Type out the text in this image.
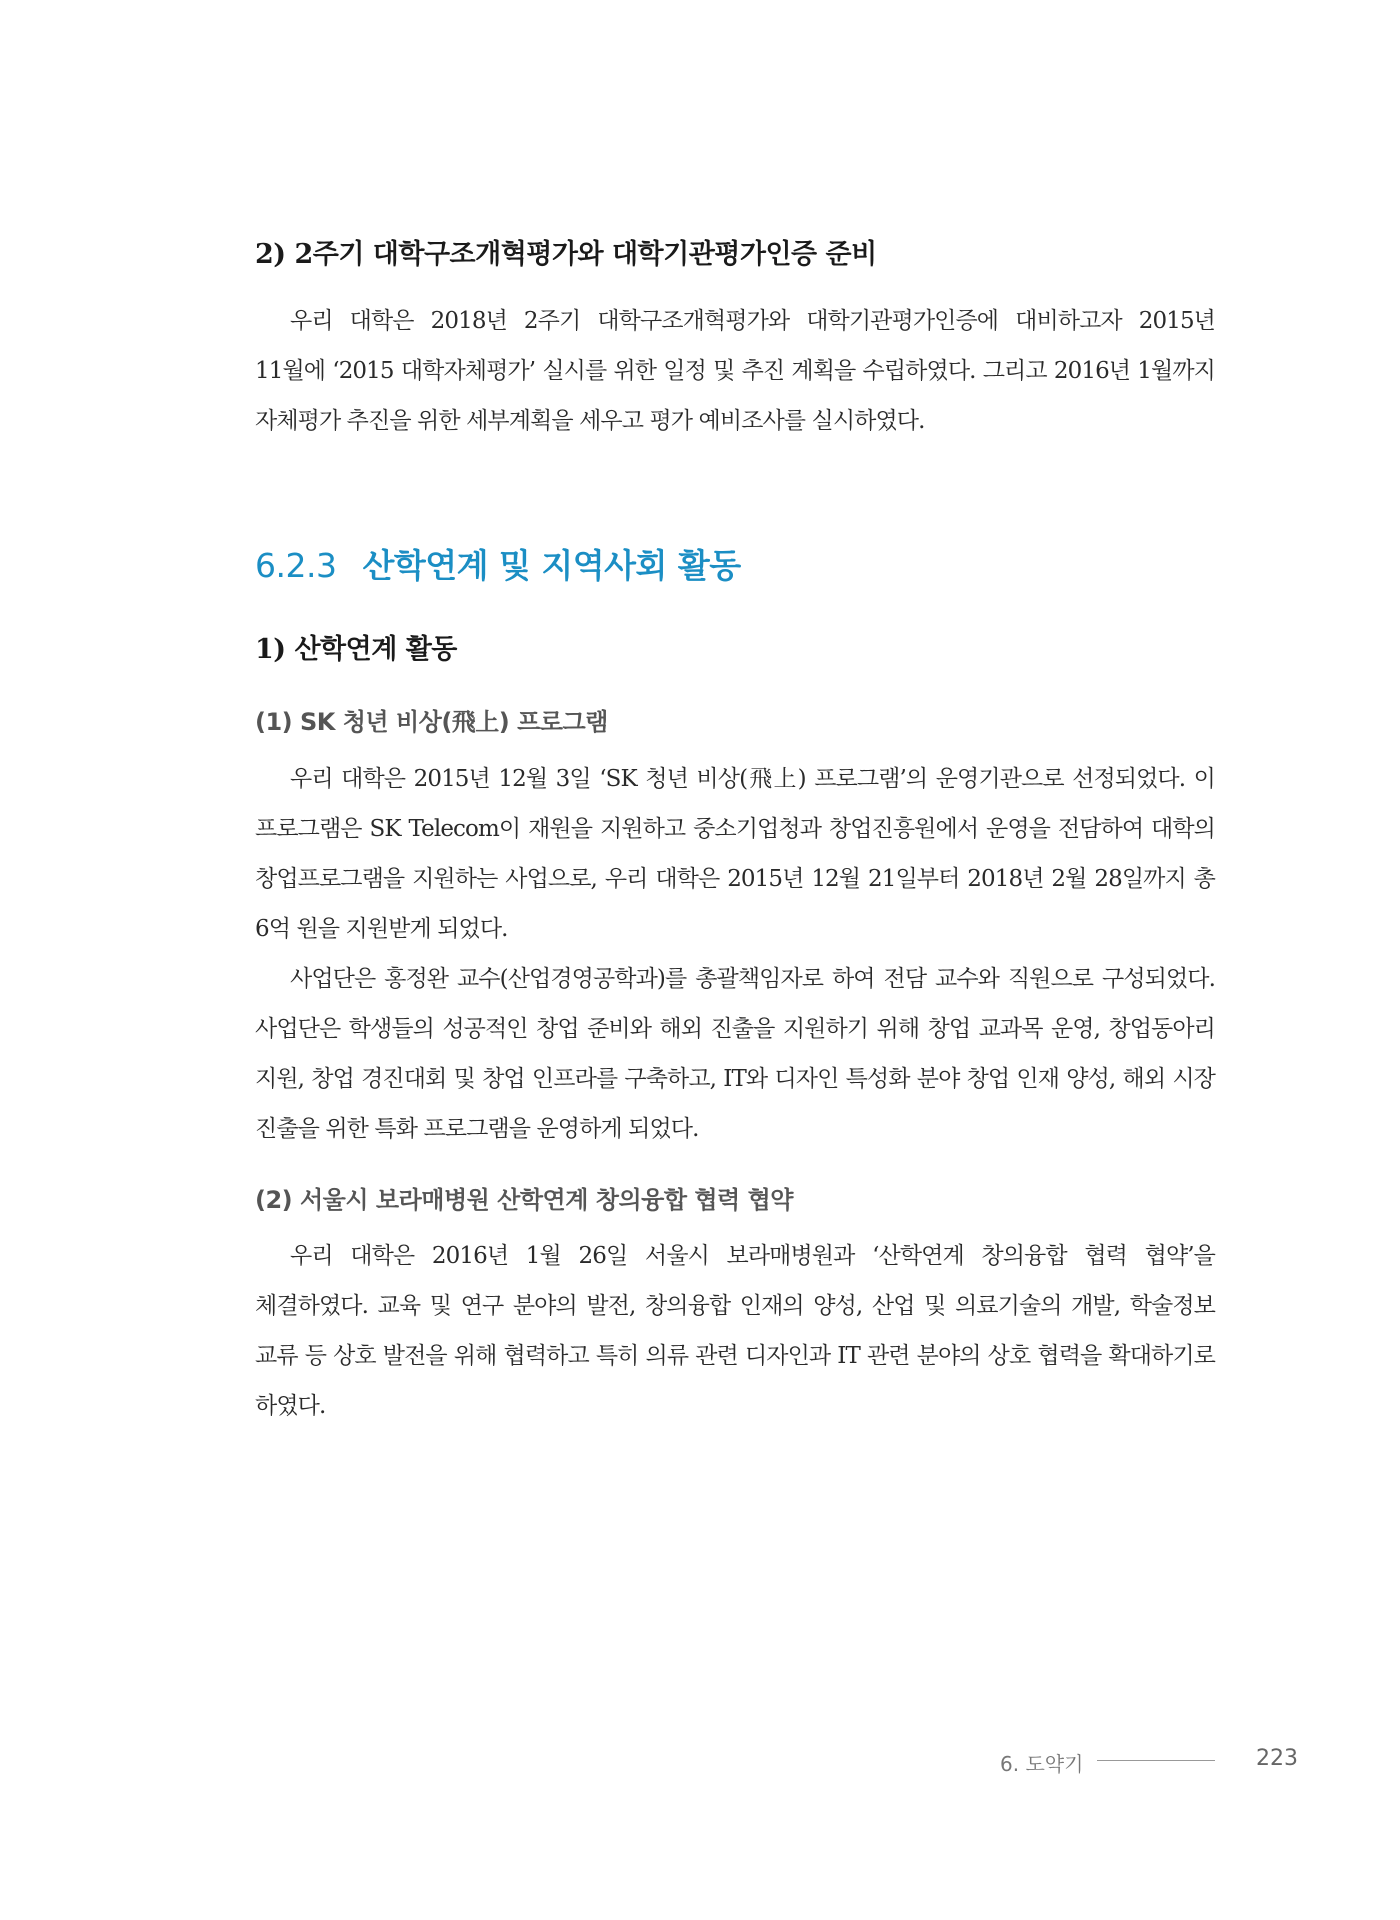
2) 2주기 대학구조개혁평가와 대학기관평가인증 준비

우리 대학은 2018년 2주기 대학구조개혁평가와 대학기관평가인증에 대비하고자 2015년 11월에 ‘2015 대학자체평가’ 실시를 위한 일정 및 추진 계획을 수립하였다. 그리고 2016년 1월까지 자체평가 추진을 위한 세부계획을 세우고 평가 예비조사를 실시하였다.

6.2.3 산학연계 및 지역사회 활동
1) 산학연계 활동
(1) SK 청년 비상(飛上) 프로그램

우리 대학은 2015년 12월 3일 ‘SK 청년 비상(飛上) 프로그램’의 운영기관으로 선정되었다. 이 프로그램은 SK Telecom이 재원을 지원하고 중소기업청과 창업진흥원에서 운영을 전담하여 대학의 창업프로그램을 지원하는 사업으로, 우리 대학은 2015년 12월 21일부터 2018년 2월 28일까지 총 6억 원을 지원받게 되었다.

사업단은 홍정완 교수(산업경영공학과)를 총괄책임자로 하여 전담 교수와 직원으로 구성되었다. 사업단은 학생들의 성공적인 창업 준비와 해외 진출을 지원하기 위해 창업 교과목 운영, 창업동아리 지원, 창업 경진대회 및 창업 인프라를 구축하고, IT와 디자인 특성화 분야 창업 인재 양성, 해외 시장 진출을 위한 특화 프로그램을 운영하게 되었다.

(2) 서울시 보라매병원 산학연계 창의융합 협력 협약

우리 대학은 2016년 1월 26일 서울시 보라매병원과 ‘산학연계 창의융합 협력 협약’을 체결하였다. 교육 및 연구 분야의 발전, 창의융합 인재의 양성, 산업 및 의료기술의 개발, 학술정보 교류 등 상호 발전을 위해 협력하고 특히 의류 관련 디자인과 IT 관련 분야의 상호 협력을 확대하기로 하였다.

6. 도약기	223
